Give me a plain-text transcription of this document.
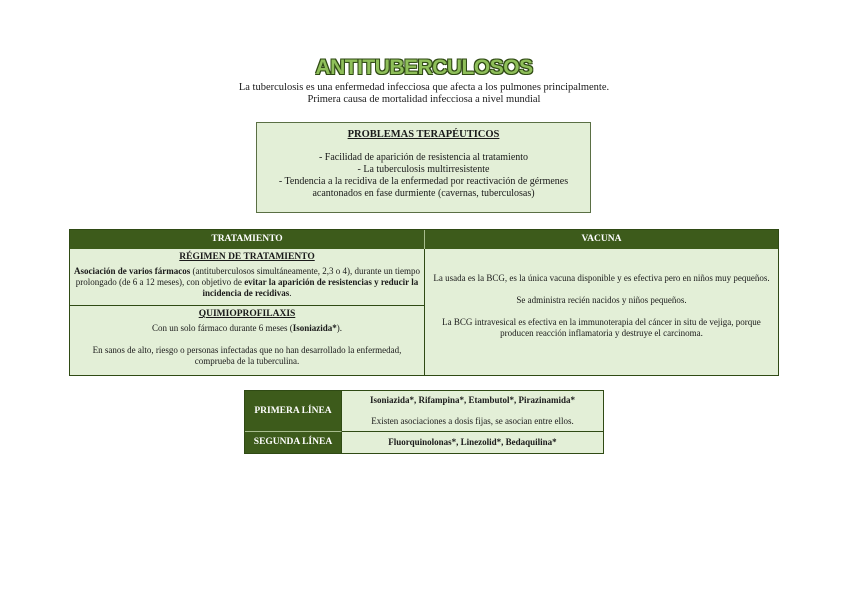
ANTITUBERCULOSOS
La tuberculosis es una enfermedad infecciosa que afecta a los pulmones principalmente.
Primera causa de mortalidad infecciosa a nivel mundial
PROBLEMAS TERAPÉUTICOS
- Facilidad de aparición de resistencia al tratamiento
- La tuberculosis multirresistente
- Tendencia a la recidiva de la enfermedad por reactivación de gérmenes acantonados en fase durmiente (cavernas, tuberculosas)
TRATAMIENTO	VACUNA
RÉGIMEN DE TRATAMIENTO
Asociación de varios fármacos (antituberculosos simultáneamente, 2,3 o 4), durante un tiempo prolongado (de 6 a 12 meses), con objetivo de evitar la aparición de resistencias y reducir la incidencia de recidivas.
QUIMIOPROFILAXIS
Con un solo fármaco durante 6 meses (Isoniazida*).
En sanos de alto, riesgo o personas infectadas que no han desarrollado la enfermedad, comprueba de la tuberculina.
La usada es la BCG, es la única vacuna disponible y es efectiva pero en niños muy pequeños.
Se administra recién nacidos y niños pequeños.
La BCG intravesical es efectiva en la immunoterapia del cáncer in situ de vejiga, porque producen reacción inflamatoria y destruye el carcinoma.
PRIMERA LÍNEA
Isoniazida*, Rifampina*, Etambutol*, Pirazinamida*
Existen asociaciones a dosis fijas, se asocian entre ellos.
SEGUNDA LÍNEA	Fluorquinolonas*, Linezolid*, Bedaquilina*
